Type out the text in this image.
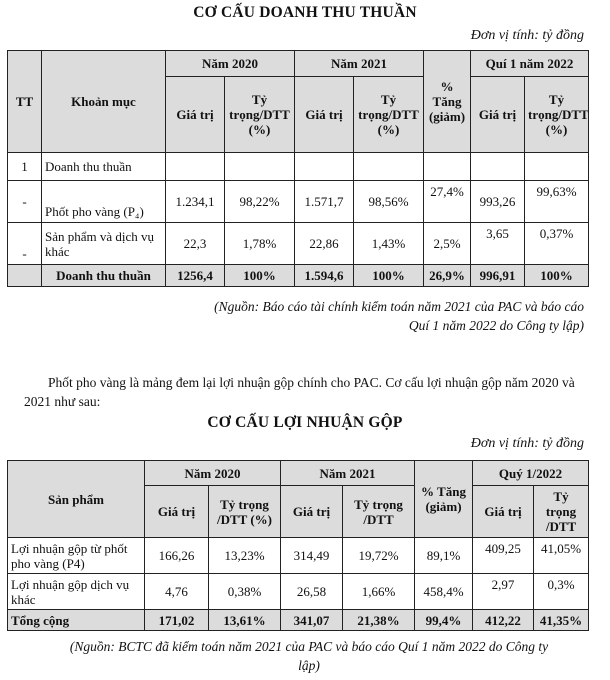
CƠ CẤU DOANH THU THUẦN
Đơn vị tính: tỷ đồng
TT	Khoản mục	Năm 2020		Năm 2021		% Tăng (giảm)	Quí 1 năm 2022	
		Giá trị	Tỷ trọng/DTT (%)	Giá trị	Tỷ trọng/DTT (%)		Giá trị	Tỷ trọng/DTT (%)
1	Doanh thu thuần							
-	Phốt pho vàng (P₄)	1.234,1	98,22%	1.571,7	98,56%	27,4%	993,26	99,63%
-	Sản phẩm và dịch vụ khác	22,3	1,78%	22,86	1,43%	2,5%	3,65	0,37%
	Doanh thu thuần	1256,4	100%	1.594,6	100%	26,9%	996,91	100%
(Nguồn: Báo cáo tài chính kiểm toán năm 2021 của PAC và báo cáo Quí 1 năm 2022 do Công ty lập)
Phốt pho vàng là mảng đem lại lợi nhuận gộp chính cho PAC. Cơ cấu lợi nhuận gộp năm 2020 và 2021 như sau:
CƠ CẤU LỢI NHUẬN GỘP
Đơn vị tính: tỷ đồng
Sản phẩm	Năm 2020		Năm 2021		% Tăng (giảm)	Quý 1/2022	
	Giá trị	Tỷ trọng /DTT (%)	Giá trị	Tỷ trọng /DTT		Giá trị	Tỷ trọng /DTT
Lợi nhuận gộp từ phốt pho vàng (P4)	166,26	13,23%	314,49	19,72%	89,1%	409,25	41,05%
Lợi nhuận gộp dịch vụ khác	4,76	0,38%	26,58	1,66%	458,4%	2,97	0,3%
Tổng cộng	171,02	13,61%	341,07	21,38%	99,4%	412,22	41,35%
(Nguồn: BCTC đã kiểm toán năm 2021 của PAC và báo cáo Quí 1 năm 2022 do Công ty lập)
